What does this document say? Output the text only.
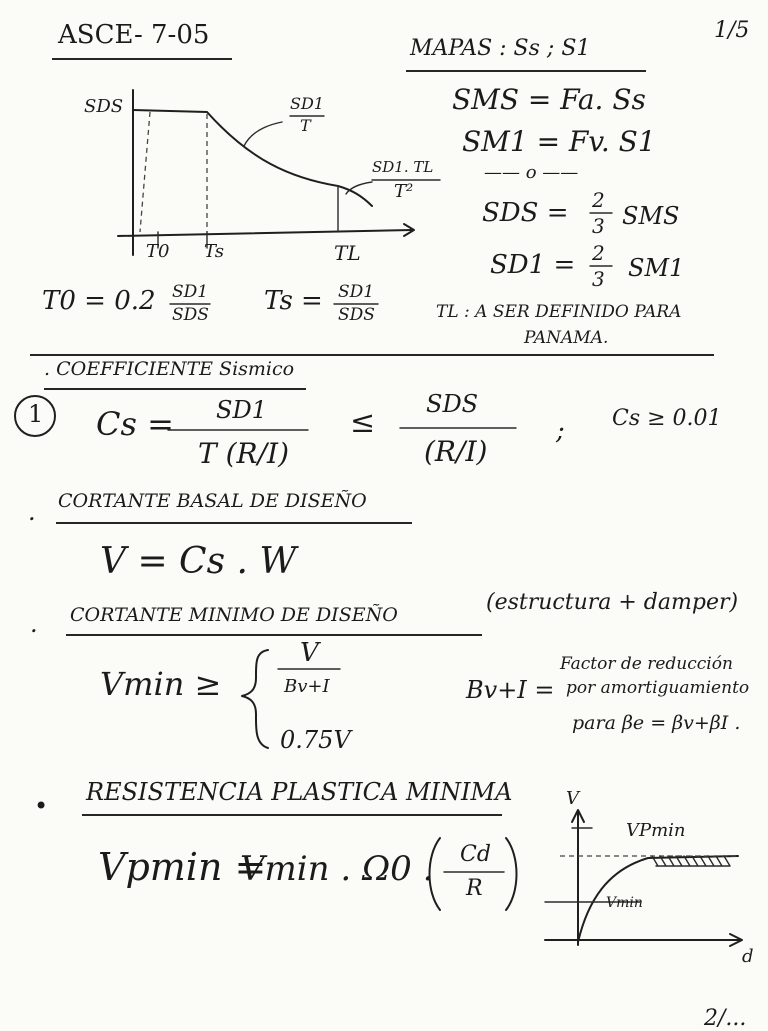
ASCE- 7-05	1/5
MAPAS : Ss ; S1
SDS	SD1
T
SD1. TL
T²
T0 Ts	TL
SMS = Fa. Ss
SM1 = Fv. S1
—— o ——
SDS = 2
3 SMS
SD1 = 2
3 SM1
T0 = 0.2 SD1
SDS Ts = SD1
SDS	TL : A SER DEFINIDO PARA
PANAMA.
. COEFFICIENTE Sismico
1 Cs = SD1
T (R/I)
≤
SDS
(R/I)
; Cs ≥ 0.01
. CORTANTE BASAL DE DISEÑO
V = Cs . W
. CORTANTE MINIMO DE DISEÑO	(estructura + damper)
Vmin ≥
V
Bv+I
0.75V
Bv+I =
Factor de reducción
por amortiguamiento
para βe = βv+βI .
• RESISTENCIA PLASTICA MINIMA
Vpmin =
Vmin . Ω0 . Cd
R
V
VPmin
Vmin
d
2/...
